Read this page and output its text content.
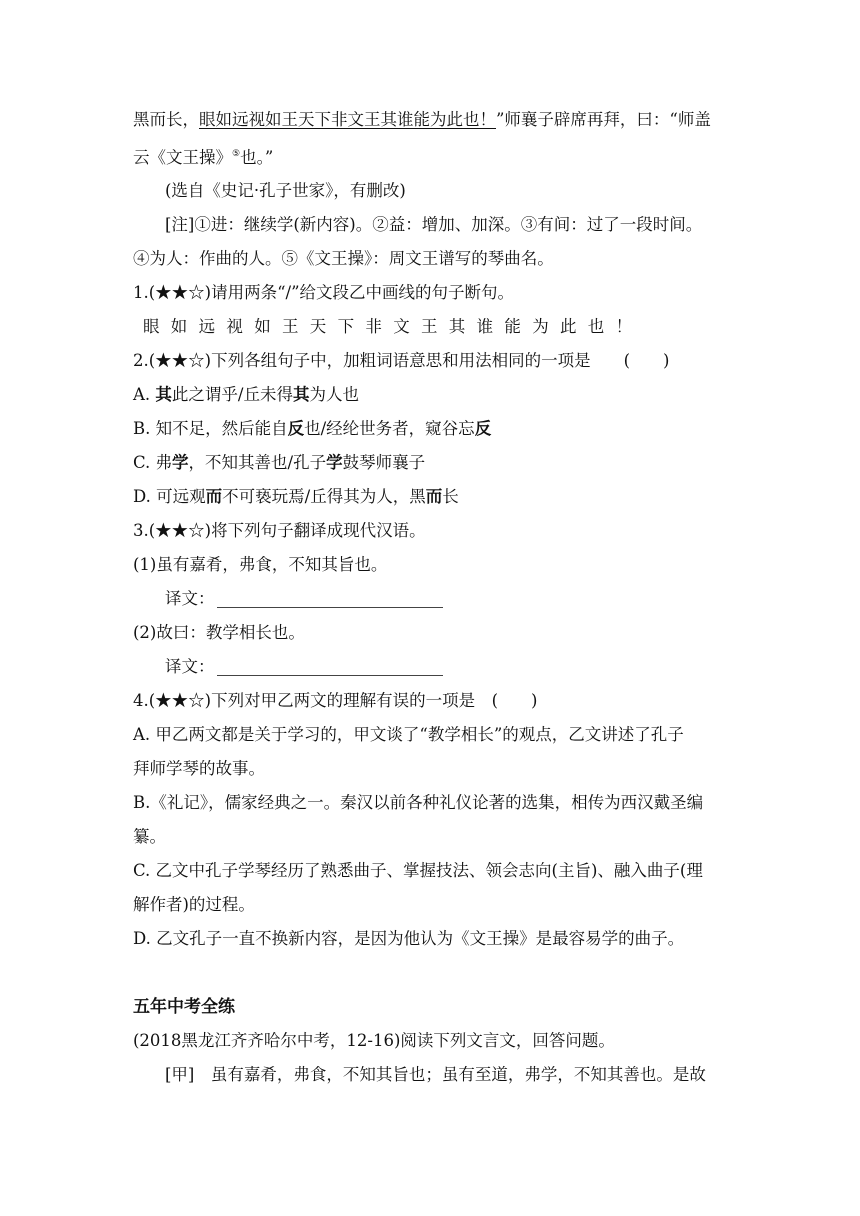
黑而长，眼如远视如王天下非文王其谁能为此也！”师襄子辟席再拜，曰：“师盖
云《文王操》⑤也。”
(选自《史记·孔子世家》，有删改)
[注]①进：继续学(新内容)。②益：增加、加深。③有间：过了一段时间。
④为人：作曲的人。⑤《文王操》：周文王谱写的琴曲名。
1.(★★☆)请用两条“/”给文段乙中画线的句子断句。
眼如远视如王天下非文王其谁能为此也！
2.(★★☆)下列各组句子中，加粗词语意思和用法相同的一项是　　(　　)
A. 其此之谓乎/丘未得其为人也
B. 知不足，然后能自反也/经纶世务者，窥谷忘反
C. 弗学，不知其善也/孔子学鼓琴师襄子
D. 可远观而不可亵玩焉/丘得其为人，黑而长
3.(★★☆)将下列句子翻译成现代汉语。
(1)虽有嘉肴，弗食，不知其旨也。
译文：
(2)故曰：教学相长也。
译文：
4.(★★☆)下列对甲乙两文的理解有误的一项是　(　　)
A. 甲乙两文都是关于学习的，甲文谈了“教学相长”的观点，乙文讲述了孔子
拜师学琴的故事。
B.《礼记》，儒家经典之一。秦汉以前各种礼仪论著的选集，相传为西汉戴圣编
纂。
C. 乙文中孔子学琴经历了熟悉曲子、掌握技法、领会志向(主旨)、融入曲子(理
解作者)的过程。
D. 乙文孔子一直不换新内容，是因为他认为《文王操》是最容易学的曲子。
五年中考全练
(2018黑龙江齐齐哈尔中考，12-16)阅读下列文言文，回答问题。
[甲]　虽有嘉肴，弗食，不知其旨也；虽有至道，弗学，不知其善也。是故
